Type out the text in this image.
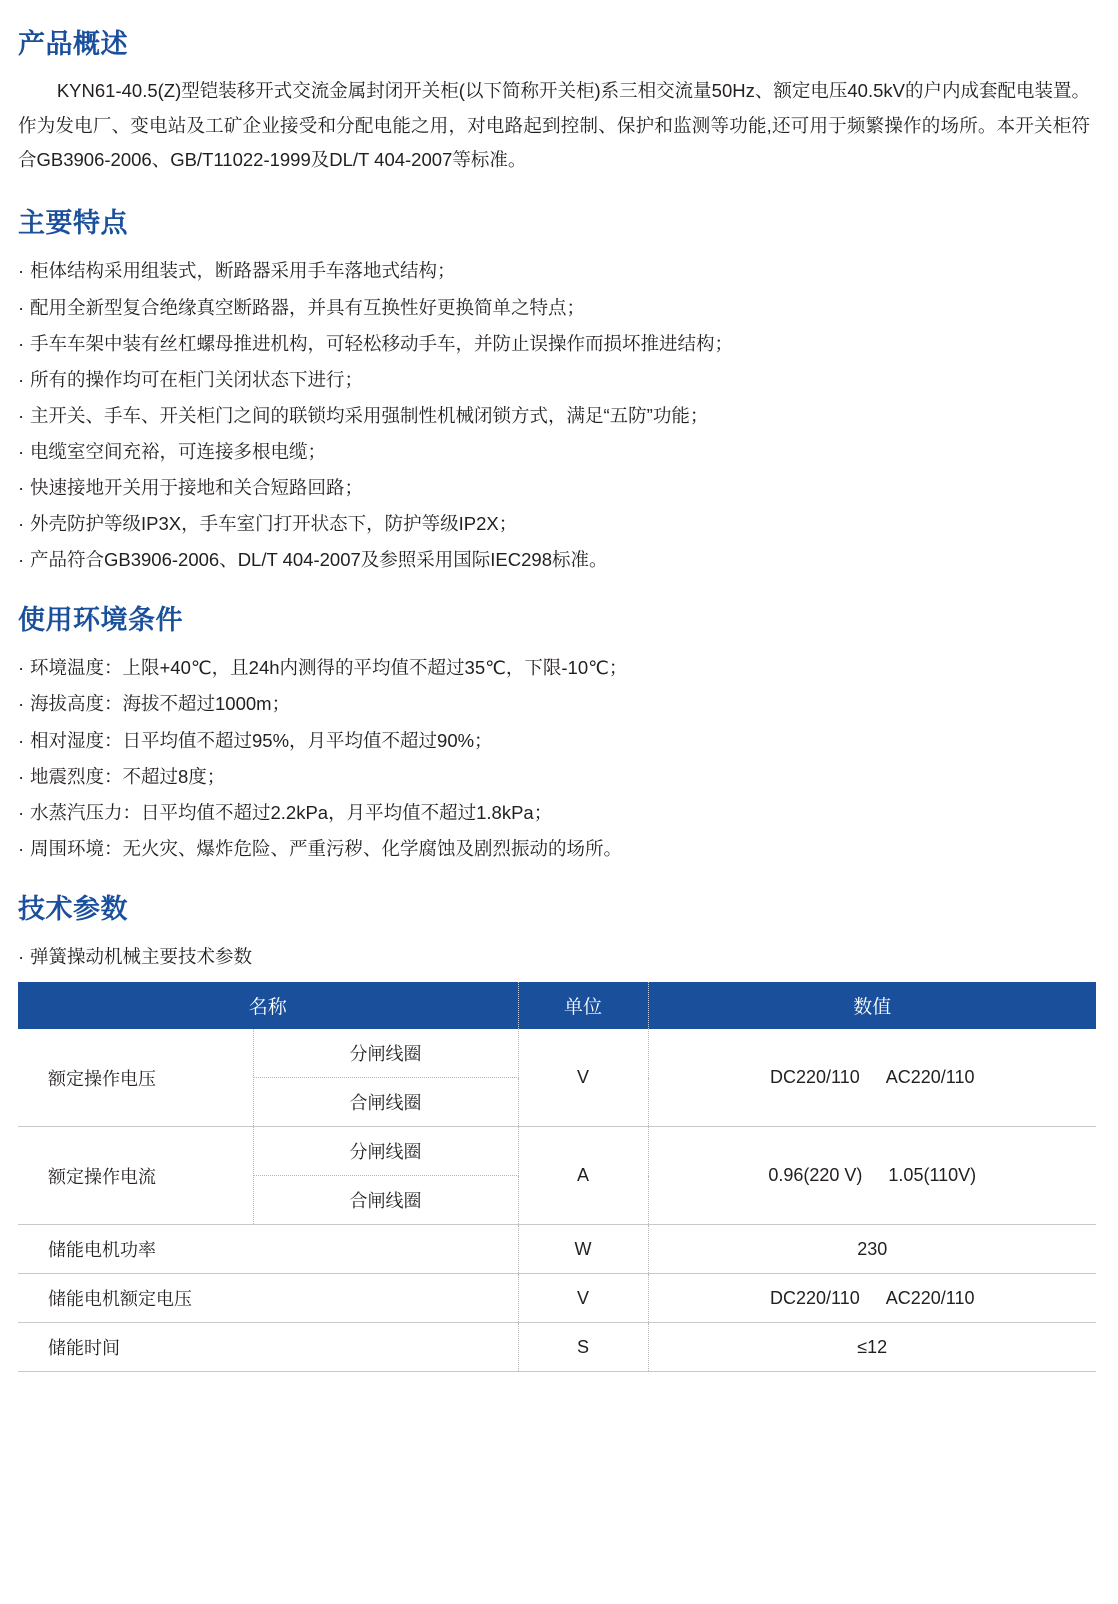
产品概述

KYN61-40.5(Z)型铠装移开式交流金属封闭开关柜(以下简称开关柜)系三相交流量50Hz、额定电压40.5kV的户内成套配电装置。作为发电厂、变电站及工矿企业接受和分配电能之用，对电路起到控制、保护和监测等功能,还可用于频繁操作的场所。本开关柜符合GB3906-2006、GB/T11022-1999及DL/T 404-2007等标准。

主要特点
· 柜体结构采用组装式，断路器采用手车落地式结构；
· 配用全新型复合绝缘真空断路器，并具有互换性好更换简单之特点；
· 手车车架中装有丝杠螺母推进机构，可轻松移动手车，并防止误操作而损坏推进结构；
· 所有的操作均可在柜门关闭状态下进行；
· 主开关、手车、开关柜门之间的联锁均采用强制性机械闭锁方式，满足“五防”功能；
· 电缆室空间充裕，可连接多根电缆；
· 快速接地开关用于接地和关合短路回路；
· 外壳防护等级IP3X，手车室门打开状态下，防护等级IP2X；
· 产品符合GB3906-2006、DL/T 404-2007及参照采用国际IEC298标准。
使用环境条件
· 环境温度：上限+40℃，且24h内测得的平均值不超过35℃，下限-10℃；
· 海拔高度：海拔不超过1000m；
· 相对湿度：日平均值不超过95%，月平均值不超过90%；
· 地震烈度：不超过8度；
· 水蒸汽压力：日平均值不超过2.2kPa，月平均值不超过1.8kPa；
· 周围环境：无火灾、爆炸危险、严重污秽、化学腐蚀及剧烈振动的场所。
技术参数

· 弹簧操动机械主要技术参数

名称		单位	数值
额定操作电压	分闸线圈	V	DC220/110 AC220/110
	合闸线圈		
额定操作电流	分闸线圈	A	0.96(220 V) 1.05(110V)
	合闸线圈		
储能电机功率		W	230
储能电机额定电压		V	DC220/110 AC220/110
储能时间		S	≤12
